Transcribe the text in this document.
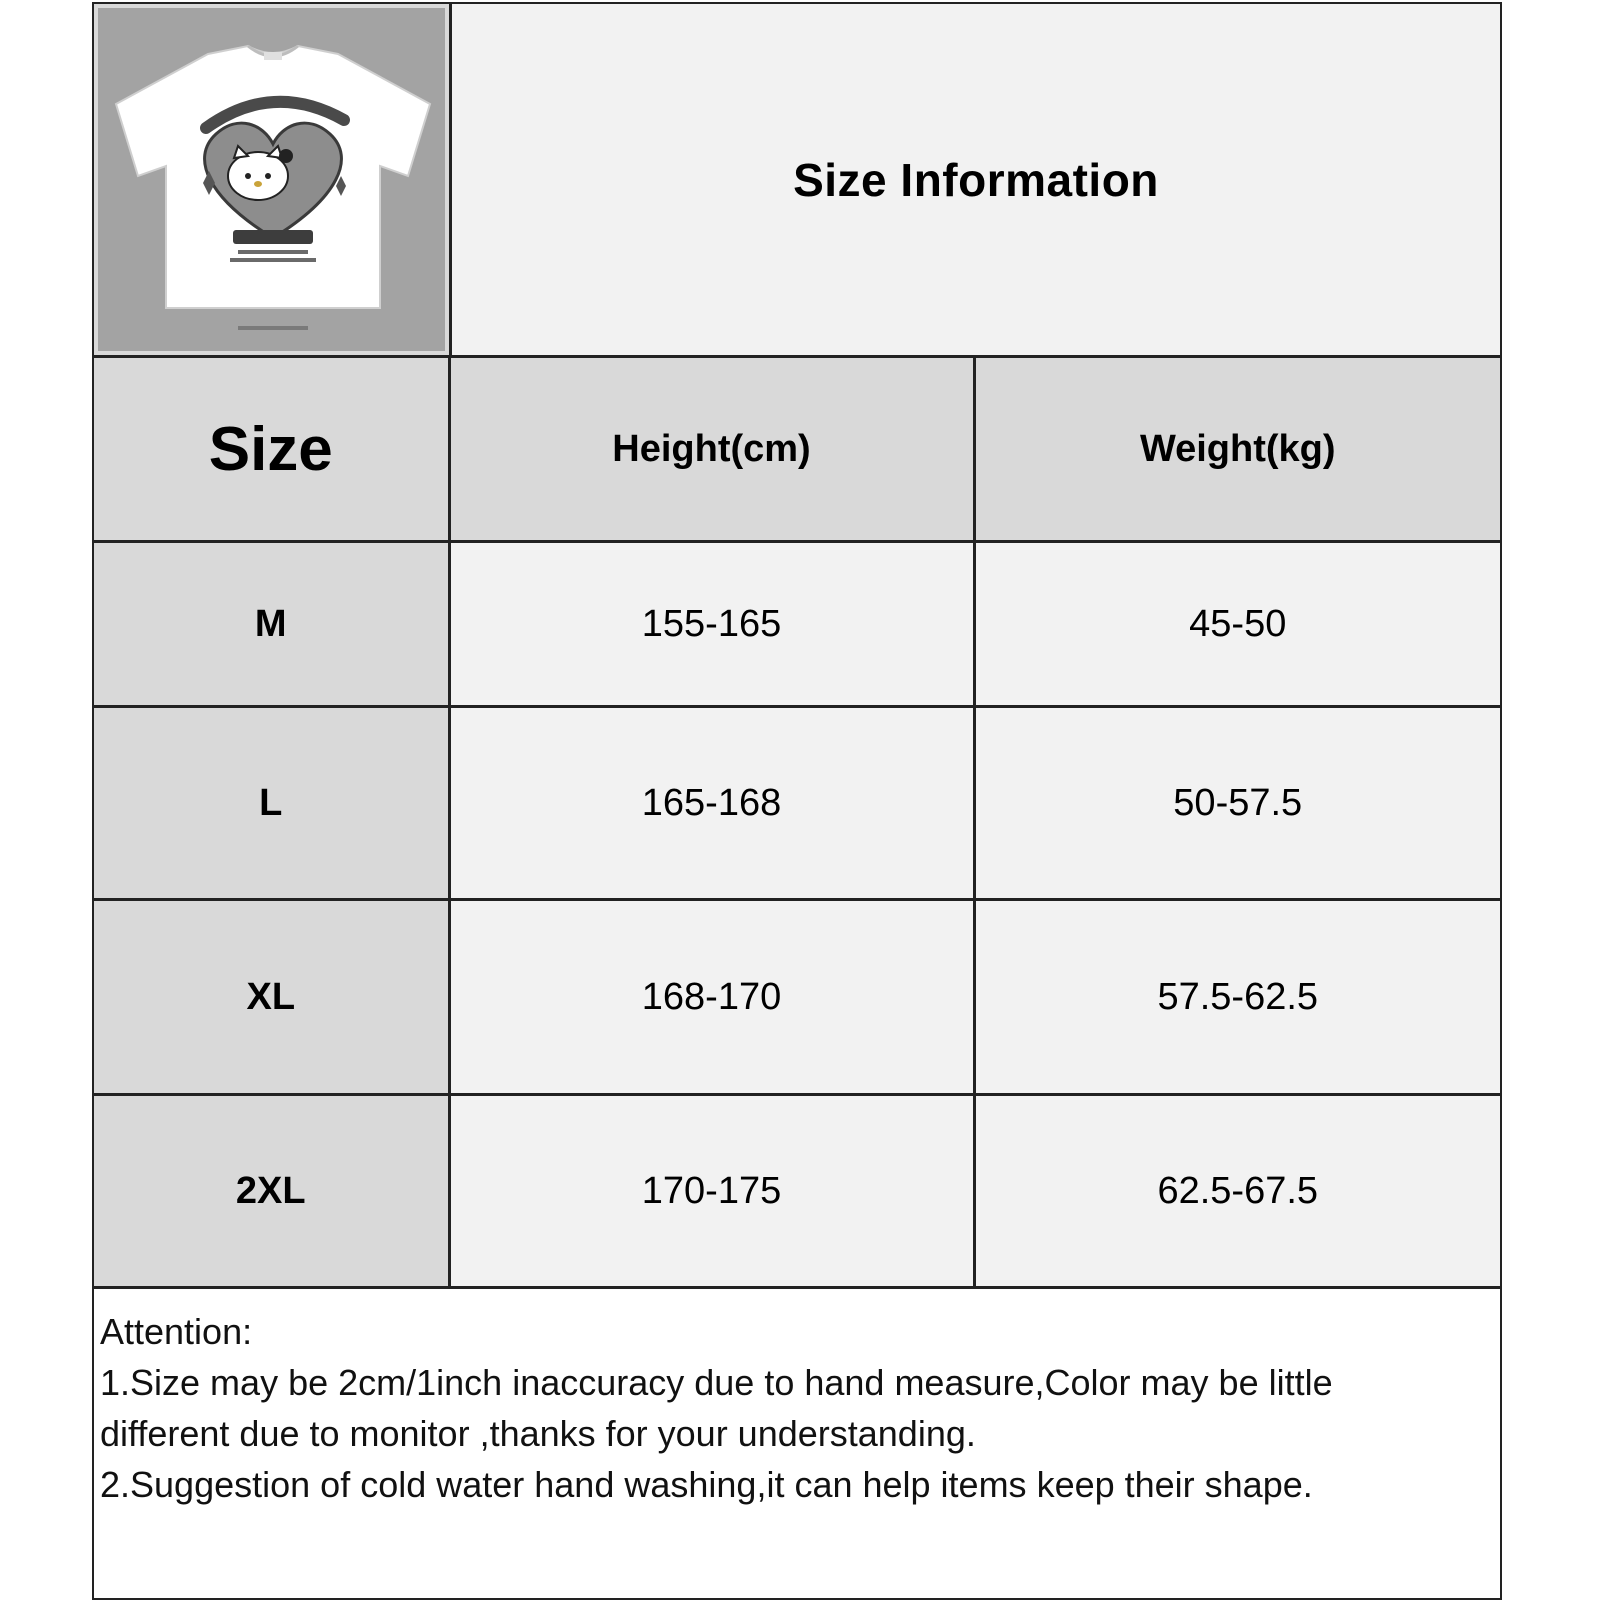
Size Information
Size	Height(cm)	Weight(kg)
M	155-165	45-50
L	165-168	50-57.5
XL	168-170	57.5-62.5
2XL	170-175	62.5-67.5
Attention:
1.Size may be 2cm/1inch inaccuracy due to hand measure,Color may be little
different due to monitor ,thanks for your understanding.
2.Suggestion of cold water hand washing,it can help items keep their shape.
